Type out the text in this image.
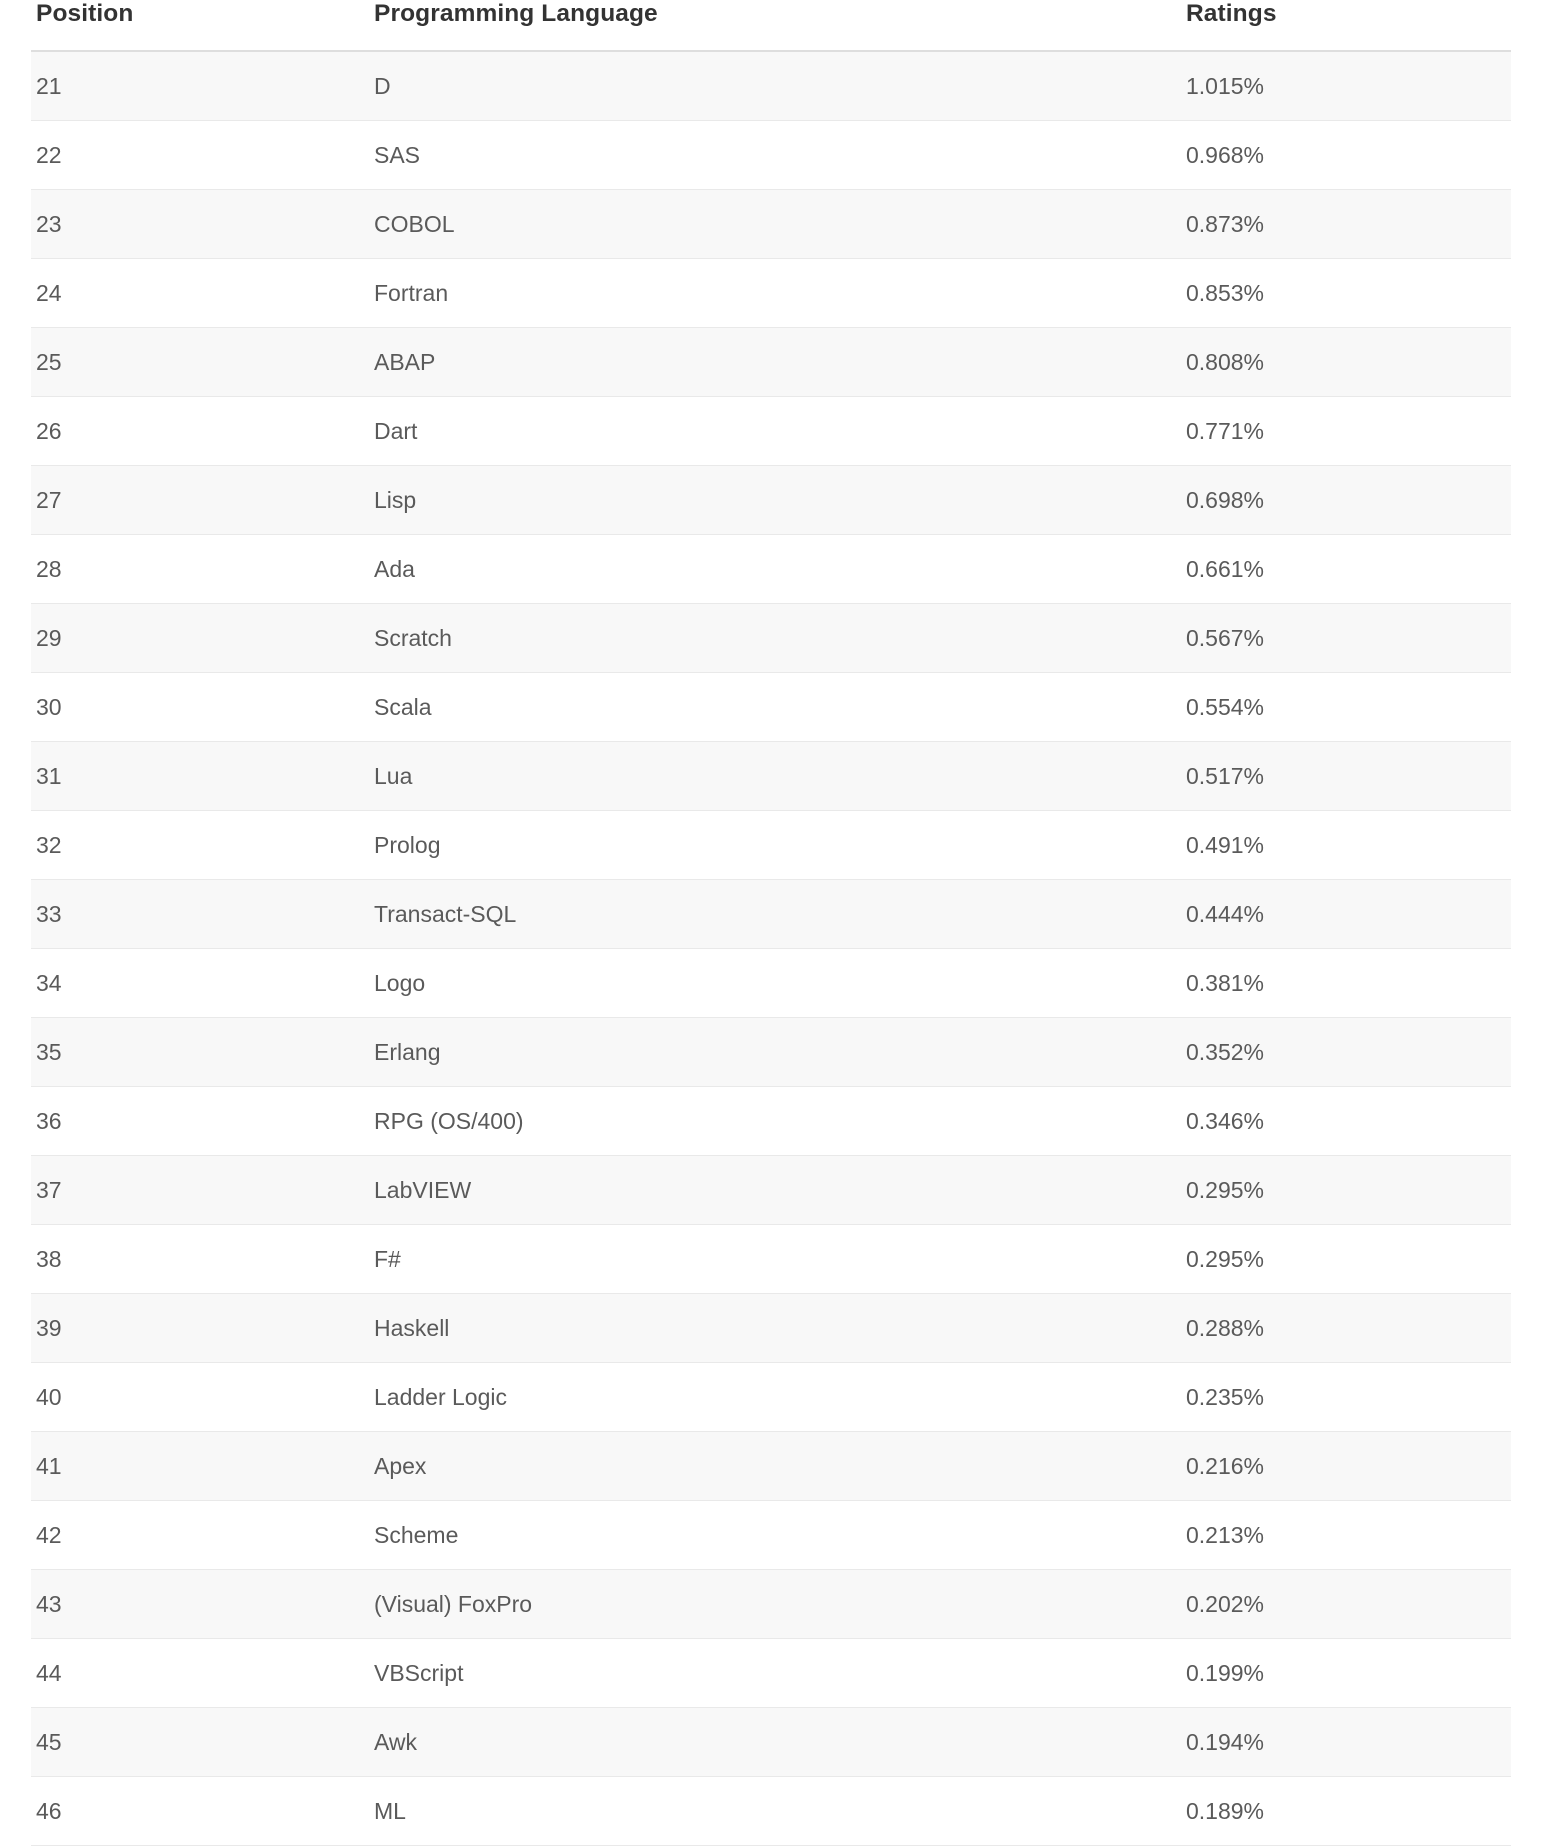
Position	Programming Language	Ratings
21	D	1.015%
22	SAS	0.968%
23	COBOL	0.873%
24	Fortran	0.853%
25	ABAP	0.808%
26	Dart	0.771%
27	Lisp	0.698%
28	Ada	0.661%
29	Scratch	0.567%
30	Scala	0.554%
31	Lua	0.517%
32	Prolog	0.491%
33	Transact-SQL	0.444%
34	Logo	0.381%
35	Erlang	0.352%
36	RPG (OS/400)	0.346%
37	LabVIEW	0.295%
38	F#	0.295%
39	Haskell	0.288%
40	Ladder Logic	0.235%
41	Apex	0.216%
42	Scheme	0.213%
43	(Visual) FoxPro	0.202%
44	VBScript	0.199%
45	Awk	0.194%
46	ML	0.189%
